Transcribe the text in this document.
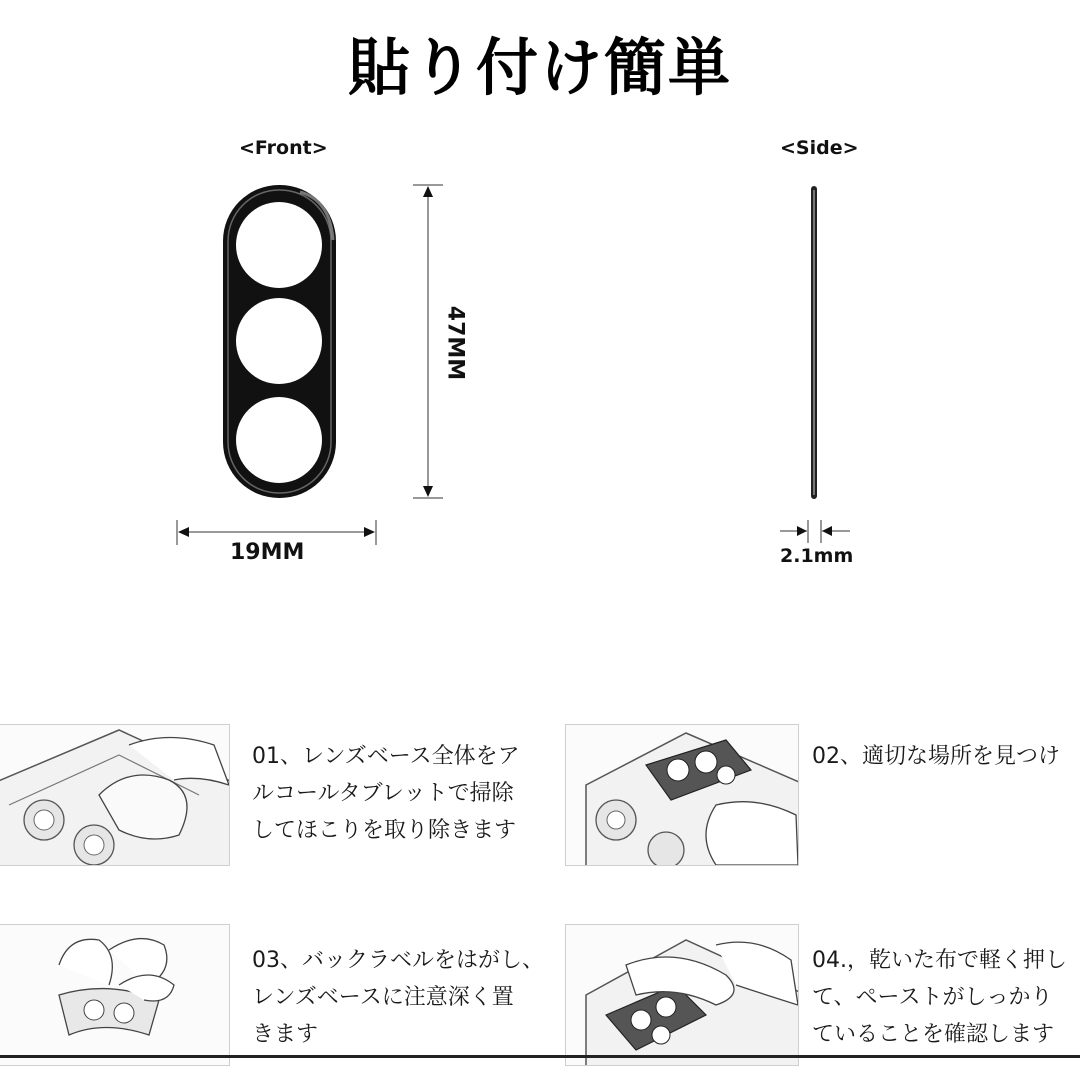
貼り付け簡単
<Front>	<Side>
19MM	2.1mm
47MM
01、レンズベース全体をア
ルコールタブレットで掃除
してほこりを取り除きます
02、適切な場所を見つけ
03、バックラベルをはがし、
レンズベースに注意深く置
きます
04.，乾いた布で軽く押し
て、ペーストがしっかり
ていることを確認します
